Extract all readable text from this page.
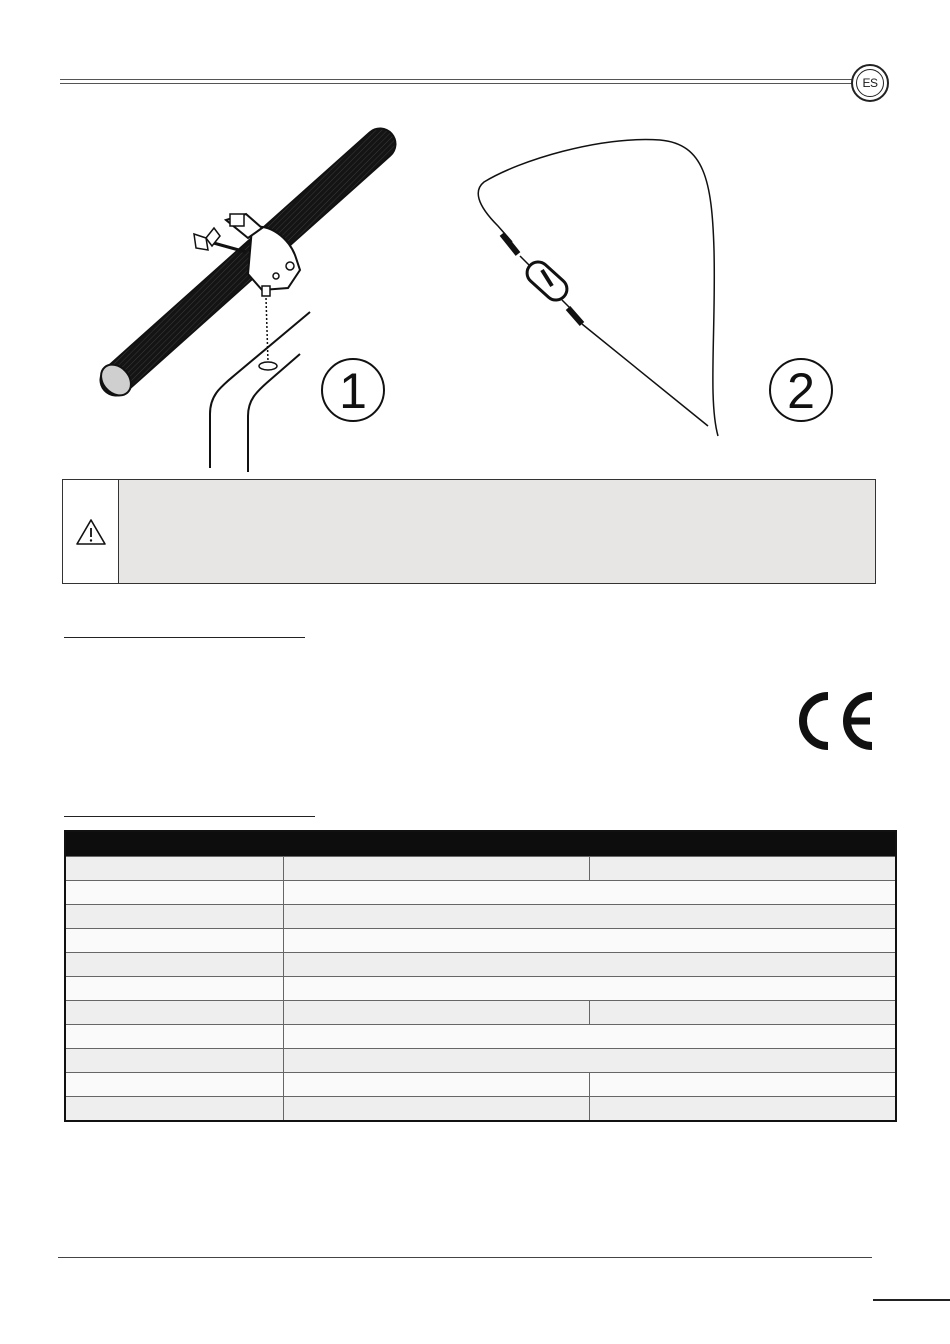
ES
1	2
